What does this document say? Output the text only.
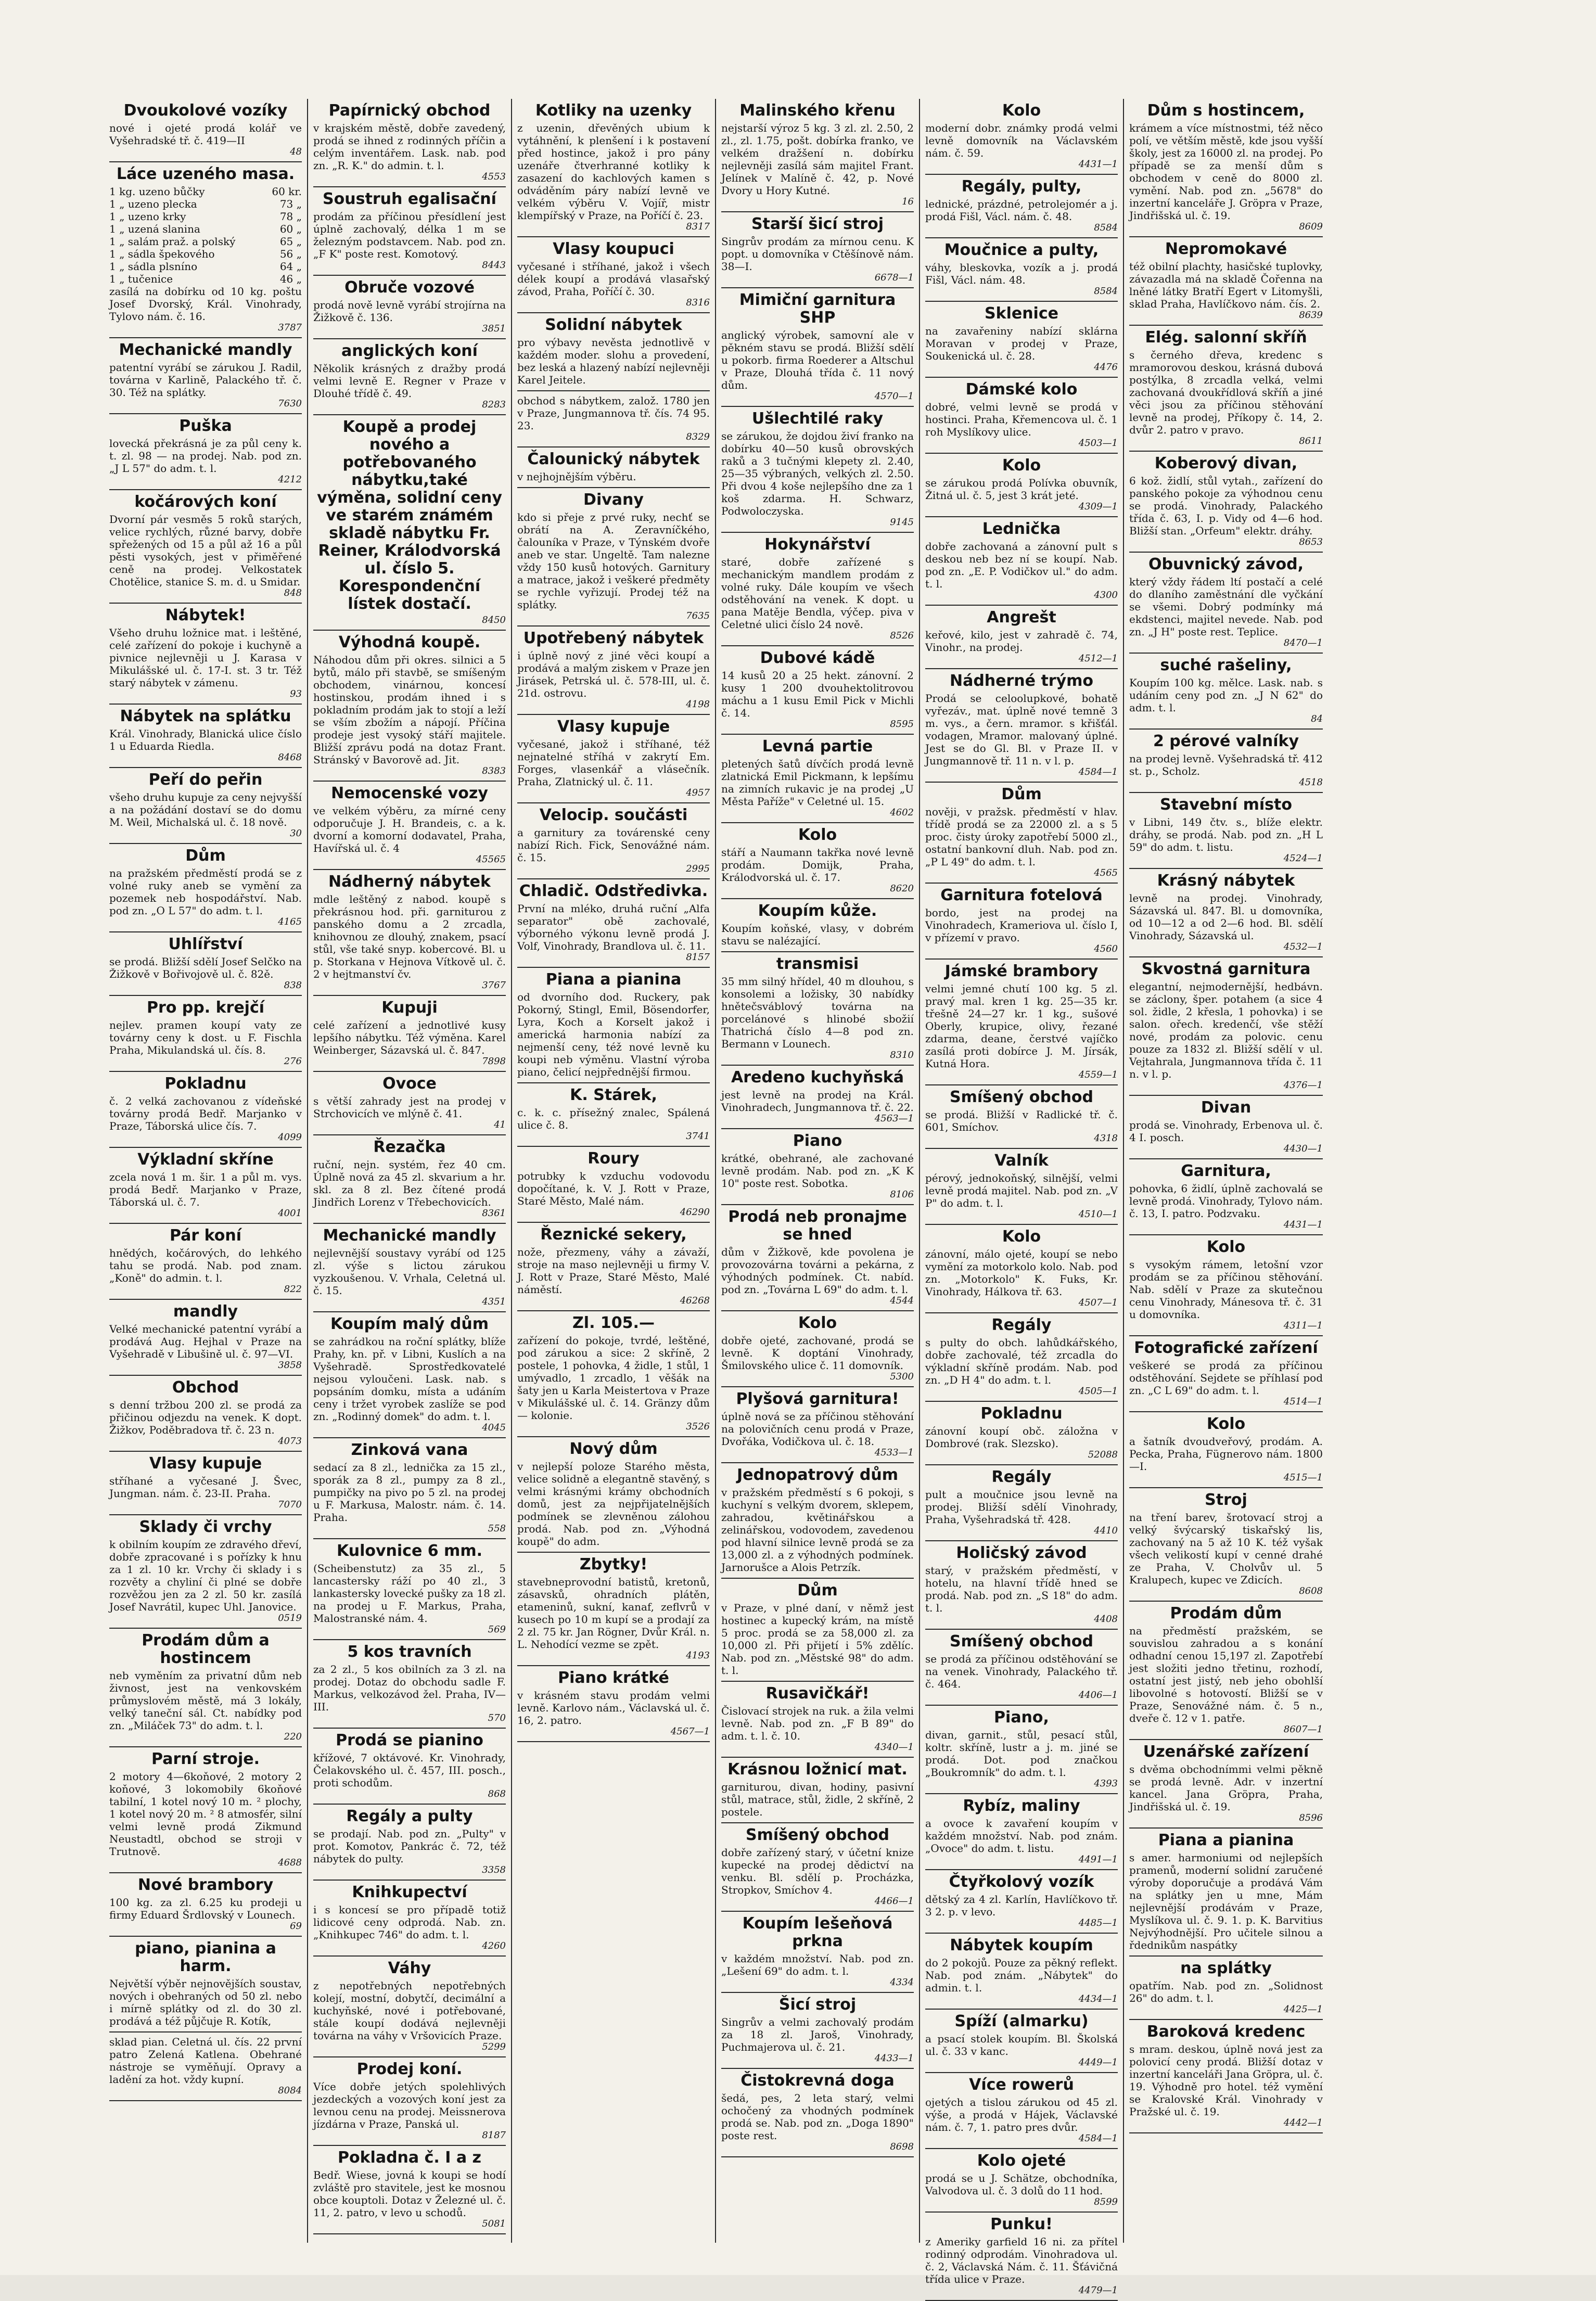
Dvoukolové vozíky

nové i ojeté prodá kolář ve Vyšehradské tř. č. 419—II

48
Láce uzeného masa.
1 kg. uzeno bůčky	60 kr.
1 „ uzeno plecka	73 „
1 „ uzeno krky	78 „
1 „ uzená slanina	60 „
1 „ salám praž. a polský	65 „
1 „ sádla špekového	56 „
1 „ sádla plsníno	64 „
1 „ tučenice	46 „

zasílá na dobírku od 10 kg. poštu Josef Dvorský, Král. Vinohrady, Tylovo nám. č. 16.

3787
Mechanické mandly

patentní vyrábí se zárukou J. Radil, továrna v Karlině, Palackého tř. č. 30. Též na splátky.

7630
Puška

lovecká překrásná je za půl ceny k. t. zl. 98 — na prodej. Nab. pod zn. „J L 57" do adm. t. l.

4212
kočárových koní

Dvorní pár vesměs 5 roků starých, velice rychlých, různé barvy, dobře spřežených od 15 a půl až 16 a půl pěsti vysokých, jest v přiměřené ceně na prodej. Velkostatek Chotělice, stanice S. m. d. u Smidar.

848
Nábytek!

Všeho druhu ložnice mat. i leštěné, celé zařízení do pokoje i kuchyně a pivnice nejlevněji u J. Karasa v Mikulášské ul. č. 17-I. st. 3 tr. Též starý nábytek v zámenu.

93
Nábytek na splátku

Král. Vinohrady, Blanická ulice číslo 1 u Eduarda Riedla.

8468
Peří do peřin

všeho druhu kupuje za ceny nejvyšší a na požádání dostaví se do domu M. Weil, Michalská ul. č. 18 nově.

30
Dům

na pražském předměstí prodá se z volné ruky aneb se vymění za pozemek neb hospodářství. Nab. pod zn. „O L 57" do adm. t. l.

4165
Uhlířství

se prodá. Bližší sdělí Josef Selčko na Žižkově v Bořivojově ul. č. 82ě.

838
Pro pp. krejčí

nejlev. pramen koupí vaty ze továrny ceny k dost. u F. Fischla Praha, Mikulandská ul. čís. 8.

276
Pokladnu

č. 2 velká zachovanou z vídeňské továrny prodá Bedř. Marjanko v Praze, Táborská ulice čís. 7.

4099
Výkladní skříne

zcela nová 1 m. šir. 1 a půl m. vys. prodá Bedř. Marjanko v Praze, Táborská ul. č. 7.

4001
Pár koní

hnědých, kočárových, do lehkého tahu se prodá. Nab. pod znam. „Koně" do admin. t. l.

822
mandly

Velké mechanické patentní vyrábí a prodává Aug. Hejhal v Praze na Vyšehradě v Libušině ul. č. 97—VI.

3858
Obchod

s denní tržbou 200 zl. se prodá za přičinou odjezdu na venek. K dopt. Žižkov, Poděbradova tř. č. 23 n.

4073
Vlasy kupuje

stříhané a vyčesané J. Švec, Jungman. nám. č. 23-II. Praha.

7070
Sklady či vrchy

k obilním koupím ze zdravého dřeví, dobře zpracované i s pořízky k hnu za 1 zl. 10 kr. Vrchy či sklady i s rozvěty a chyliní či plné se dobře rozvěžou jen za 2 zl. 50 kr. zasílá Josef Navrátil, kupec Uhl. Janovice.

0519
Prodám dům a hostincem

neb vyměním za privatní dům neb živnost, jest na venkovském průmyslovém městě, má 3 lokály, velký taneční sál. Ct. nabídky pod zn. „Miláček 73" do adm. t. l.

220
Parní stroje.

2 motory 4—6koňové, 2 motory 2 koňové, 3 lokomobily 6koňové tabilní, 1 kotel nový 10 m. ² plochy, 1 kotel nový 20 m. ² 8 atmosfér, silní velmi levně prodá Zikmund Neustadtl, obchod se stroji v Trutnově.

4688
Nové brambory

100 kg. za zl. 6.25 ku prodeji u firmy Eduard Šrdlovský v Lounech.

69
piano, pianina a harm.

Největší výběr nejnovějších soustav, nových i obehraných od 50 zl. nebo i mírně splátky od zl. do 30 zl. prodává a též půjčuje R. Kotík,

sklad pian. Celetná ul. čís. 22 první patro Zelená Katlena. Obehrané nástroje se vyměňují. Opravy a ladění za hot. vždy kupní.

8084
Papírnický obchod

v krajském městě, dobře zavedený, prodá se ihned z rodinných příčin a celým inventářem. Lask. nab. pod zn. „R. K." do admin. t. l.

4553
Soustruh egalisační

prodám za příčinou přesídlení jest úplně zachovalý, délka 1 m se železným podstavcem. Nab. pod zn. „F K" poste rest. Komotový.

8443
Obruče vozové

prodá nově levně vyrábí strojírna na Žižkově č. 136.

3851
anglických koní

Několik krásných z dražby prodá velmi levně E. Regner v Praze v Dlouhé třídě č. 49.

8283
Koupě a prodej nového a potřebovaného nábytku,také výměna, solidní ceny ve starém známém skladě nábytku Fr. Reiner, Králodvorská ul. číslo 5. Korespondenční lístek dostačí.
8450
Výhodná koupě.

Náhodou dům při okres. silnici a 5 bytů, málo při stavbě, se smíšeným obchodem, vinárnou, koncesí hostinskou, prodám ihned i s pokladním prodám jak to stojí a leží se vším zbožím a nápojí. Příčina prodeje jest vysoký stáří majitele. Bližší zprávu podá na dotaz Frant. Stránský v Bavorově ad. Jit.

8383
Nemocenské vozy

ve velkém výběru, za mírné ceny odporučuje J. H. Brandeis, c. a k. dvorní a komorní dodavatel, Praha, Havířská ul. č. 4

45565
Nádherný nábytek

mdle leštěný z nabod. koupě s překrásnou hod. při. garniturou z panského domu a 2 zrcadla, knihovnou ze dlouhý, znakem, psací stůl, vše také snyp. kobercové. Bl. u p. Storkana v Hejnova Vítkově ul. č. 2 v hejtmanství čv.

3767
Kupuji

celé zařízení a jednotlivé kusy lepšího nábytku. Též výměna. Karel Weinberger, Sázavská ul. č. 847.

7898
Ovoce

s větší zahrady jest na prodej v Strchovicích ve mlýně č. 41.

41
Řezačka

ruční, nejn. systém, řez 40 cm. Úplně nová za 45 zl. skvarium a hr. skl. za 8 zl. Bez čítené prodá Jindřich Lorenz v Třebechovicích.

8361
Mechanické mandly

nejlevnější soustavy vyrábí od 125 zl. výše s lictou zárukou vyzkoušenou. V. Vrhala, Celetná ul. č. 15.

4351
Koupím malý dům

se zahrádkou na roční splátky, blíže Prahy, kn. př. v Libni, Kuslích a na Vyšehradě. Sprostředkovatelé nejsou vyloučeni. Lask. nab. s popsáním domku, místa a udáním ceny i tržet vyrobek zaslíže se pod zn. „Rodinný domek" do adm. t. l.

4045
Zinková vana

sedací za 8 zl., lednička za 15 zl., sporák za 8 zl., pumpy za 8 zl., pumpičky na pivo po 5 zl. na prodej u F. Markusa, Malostr. nám. č. 14. Praha.

558
Kulovnice 6 mm.

(Scheibenstutz) za 35 zl., 5 lancastersky ráží po 40 zl., 3 lankastersky lovecké pušky za 18 zl. na prodej u F. Markus, Praha, Malostranské nám. 4.

569
5 kos travních

za 2 zl., 5 kos obilních za 3 zl. na prodej. Dotaz do obchodu sadle F. Markus, velkozávod žel. Praha, IV—III.

570
Prodá se pianino

křížové, 7 oktávové. Kr. Vinohrady, Čelakovského ul. č. 457, III. posch., proti schodům.

868
Regály a pulty

se prodají. Nab. pod zn. „Pulty" v prot. Komotov, Pankrác č. 72, též nábytek do pulty.

3358
Knihkupectví

i s koncesí se pro případě totiž lidicové ceny odprodá. Nab. zn. „Knihkupec 746" do adm. t. l.

4260
Váhy

z nepotřebných nepotřebných kolejí, mostní, dobytčí, decimální a kuchyňské, nové i potřebované, stále koupí dodává nejlevněji továrna na váhy v Vršovicích Praze.

5299
Prodej koní.

Více dobře jetých spolehlivých jezdeckých a vozových koní jest za levnou cenu na prodej. Meissnerova jízdárna v Praze, Panská ul.

8187
Pokladna č. I a z

Bedř. Wiese, jovná k koupi se hodí zvláště pro stavitele, jest ke mosnou obce kouptoli. Dotaz v Železné ul. č. 11, 2. patro, v levo u schodů.

5081
Kotliky na uzenky

z uzenin, dřevěných ubium k vytáhnění, k plenšení i k postavení před hostince, jakož i pro pány uzenáře čtverhranné kotliky k zasazení do kachlových kamen s odváděním páry nabízí levně ve velkém výběru V. Vojíř, mistr klempířský v Praze, na Poříčí č. 23.

8317
Vlasy koupuci

vyčesané i stříhané, jakož i všech délek koupí a prodává vlasařský závod, Praha, Poříčí č. 30.

8316
Solidní nábytek

pro výbavy nevěsta jednotlivě v každém moder. slohu a provedení, bez leská a hlazený nabízí nejlevněji Karel Jeitele.

obchod s nábytkem, založ. 1780 jen v Praze, Jungmannova tř. čís. 74 95. 23.

8329
Čalounický nábytek

v nejhojnějším výběru.

Divany

kdo si přeje z prvé ruky, nechť se obrátí na A. Zeravníčkého, čalouníka v Praze, v Týnském dvoře aneb ve star. Ungeltě. Tam nalezne vždy 150 kusů hotových. Garnitury a matrace, jakož i veškeré předměty se rychle vyřizují. Prodej též na splátky.

7635
Upotřebený nábytek

i úplně nový z jiné věci koupí a prodává a malým ziskem v Praze jen Jirásek, Petrská ul. č. 578-III, ul. č. 21d. ostrovu.

4198
Vlasy kupuje

vyčesané, jakož i stříhané, též nejnatelné stříhá v zakrytí Em. Forges, vlasenkář a vlásečník. Praha, Zlatnický ul. č. 11.

4957
Velocip. součásti

a garnitury za továrenské ceny nabízí Rich. Fick, Senovážné nám. č. 15.

2995
Chladič. Odstředivka.

První na mléko, druhá ruční „Alfa separator" obě zachovalé, výborného výkonu levně prodá J. Volf, Vinohrady, Brandlova ul. č. 11.

8157
Piana a pianina

od dvorního dod. Ruckery, pak Pokorný, Stingl, Emil, Bösendorfer, Lyra, Koch a Korselt jakož i americká harmonia nabízí za nejmenší ceny, též nové levně ku koupi neb výměnu. Vlastní výroba piano, čelicí nejpřednější firmou.

K. Stárek,

c. k. c. přísežný znalec, Spálená ulice č. 8.

3741
Roury

potrubky k vzduchu vodovodu dopočítané, k. V. J. Rott v Praze, Staré Město, Malé nám.

46290
Řeznické sekery,

nože, přezmeny, váhy a závaží, stroje na maso nejlevněji u firmy V. J. Rott v Praze, Staré Město, Malé náměstí.

46268
Zl. 105.—

zařízení do pokoje, tvrdé, leštěné, pod zárukou a sice: 2 skříně, 2 postele, 1 pohovka, 4 židle, 1 stůl, 1 umývadlo, 1 zrcadlo, 1 věšák na šaty jen u Karla Meistertova v Praze v Mikulášské ul. č. 14. Gränzy dům — kolonie.

3526
Nový dům

v nejlepší poloze Starého města, velice solidně a elegantně stavěný, s velmi krásnými krámy obchodních domů, jest za nejpřijatelnějších podmínek se zlevněnou zálohou prodá. Nab. pod zn. „Výhodná koupě" do adm.

Zbytky!

stavebneprovodní batistů, kretonů, zásavsků, ohradních plátěn, etameninů, sukní, kanaf, zeflvrů v kusech po 10 m kupí se a prodají za 2 zl. 75 kr. Jan Rögner, Dvůr Král. n. L. Nehodící vezme se zpět.

4193
Piano krátké

v krásném stavu prodám velmi levně. Karlovo nám., Václavská ul. č. 16, 2. patro.

4567—1
Malinského křenu

nejstarší výroz 5 kg. 3 zl. zl. 2.50, 2 zl., zl. 1.75, pošt. dobírka franko, ve velkém dražšení n. dobírku nejlevněji zasílá sám majitel Frant. Jelínek v Malíně č. 42, p. Nové Dvory u Hory Kutné.

16
Starší šicí stroj

Singrův prodám za mírnou cenu. K popt. u domovníka v Ctěšínově nám. 38—I.

6678—1
Mimiční garnitura SHP

anglický výrobek, samovní ale v pěkném stavu se prodá. Bližší sdělí u pokorb. firma Roederer a Altschul v Praze, Dlouhá třída č. 11 nový dům.

4570—1
Ušlechtilé raky

se zárukou, že dojdou živí franko na dobírku 40—50 kusů obrovských raků a 3 tučnými klepety zl. 2.40, 25—35 výbraných, velkých zl. 2.50. Při dvou 4 koše nejlepšího dne za 1 koš zdarma. H. Schwarz, Podwoloczyska.

9145
Hokynářství

staré, dobře zařízené s mechanickým mandlem prodám z volné ruky. Dále koupím ve všech odstěhování na venek. K dopt. u pana Matěje Bendla, výčep. piva v Celetné ulici číslo 24 nově.

8526
Dubové kádě

14 kusů 20 a 25 hekt. zánovní. 2 kusy 1 200 dvouhektolitrovou máchu a 1 kusu Emil Pick v Michli č. 14.

8595
Levná partie

pletených šatů dívčích prodá levně zlatnická Emil Pickmann, k lepšímu na zimních rukavic je na prodej „U Města Paříže" v Celetné ul. 15.

4602
Kolo

stáří a Naumann takřka nové levně prodám. Domijk, Praha, Králodvorská ul. č. 17.

8620
Koupím kůže.

Koupím koňské, vlasy, v dobrém stavu se nalézající.

transmisi

35 mm silný hřídel, 40 m dlouhou, s konsolemi a ložisky, 30 nabídky hnětečsváblový továrna na porcelánové s hlinobé sbožií Thatrichá číslo 4—8 pod zn. Bermann v Lounech.

8310
Aredeno kuchyňská

jest levně na prodej na Král. Vinohradech, Jungmannova tř. č. 22.

4563—1
Piano

krátké, obehrané, ale zachované levně prodám. Nab. pod zn. „K K 10" poste rest. Sobotka.

8106
Prodá neb pronajme se hned

dům v Žižkově, kde povolena je provozovárna továrni a pekárna, z výhodných podmínek. Ct. nabíd. pod zn. „Továrna L 69" do adm. t. l.

4544
Kolo

dobře ojeté, zachované, prodá se levně. K doptání Vinohrady, Šmilovského ulice č. 11 domovník.

5300
Plyšová garnitura!

úplně nová se za příčinou stěhování na polovičních cenu prodá v Praze, Dvořáka, Vodičkova ul. č. 18.

4533—1
Jednopatrový dům

v pražském předměstí s 6 pokoji, s kuchyní s velkým dvorem, sklepem, zahradou, květinářskou a zelinářskou, vodovodem, zavedenou pod hlavní silnice levně prodá se za 13,000 zl. a z výhodných podmínek. Jarnorušce a Alois Petrzík.

Dům

v Praze, v plné daní, v němž jest hostinec a kupecký krám, na místě 5 proc. prodá se za 58,000 zl. za 10,000 zl. Při přijetí i 5% zdělíc. Nab. pod zn. „Městské 98" do adm. t. l.

Rusavičkář!

Čislovací strojek na ruk. a žila velmi levně. Nab. pod zn. „F B 89" do adm. t. l. č. 10.

4340—1
Krásnou ložnicí mat.

garniturou, divan, hodiny, pasivní stůl, matrace, stůl, židle, 2 skříně, 2 postele.

Smíšený obchod

dobře zařízený starý, v účetní knize kupecké na prodej dědictví na venku. Bl. sdělí p. Procházka, Stropkov, Smíchov 4.

4466—1
Koupím lešeňová prkna

v každém množství. Nab. pod zn. „Lešení 69" do adm. t. l.

4334
Šicí stroj

Singrův a velmi zachovalý prodám za 18 zl. Jaroš, Vinohrady, Puchmajerova ul. č. 21.

4433—1
Čistokrevná doga

šedá, pes, 2 leta starý, velmi ochočený za vhodných podmínek prodá se. Nab. pod zn. „Doga 1890" poste rest.

8698
Kolo

moderní dobr. známky prodá velmi levně domovník na Václavském nám. č. 59.

4431—1
Regály, pulty,

lednické, prázdné, petrolejomér a j. prodá Fišl, Václ. nám. č. 48.

8584
Moučnice a pulty,

váhy, bleskovka, vozík a j. prodá Fišl, Václ. nám. 48.

8584
Sklenice

na zavařeniny nabízí sklárna Moravan v prodej v Praze, Soukenická ul. č. 28.

4476
Dámské kolo

dobré, velmi levně se prodá v hostinci. Praha, Křemencova ul. č. 1 roh Myslíkovy ulice.

4503—1
Kolo

se zárukou prodá Polívka obuvník, Žitná ul. č. 5, jest 3 krát jeté.

4309—1
Lednička

dobře zachovaná a zánovní pult s deskou neb bez ní se koupí. Nab. pod zn. „E. P. Vodičkov ul." do adm. t. l.

4300
Angrešt

keřové, kilo, jest v zahradě č. 74, Vinohr., na prodej.

4512—1
Nádherné trýmo

Prodá se celoolupkové, bohatě vyřezáv., mat. úplně nové temně 3 m. vys., a čern. mramor. s křišťál. vodagen, Mramor. malovaný úplné. Jest se do Gl. Bl. v Praze II. v Jungmannově tř. 11 n. v l. p.

4584—1
Dům

nověji, v pražsk. předměstí v hlav. třídě prodá se za 22000 zl. a s 5 proc. čisty úroky zapotřebí 5000 zl., ostatní bankovní dluh. Nab. pod zn. „P L 49" do adm. t. l.

4565
Garnitura fotelová

bordo, jest na prodej na Vinohradech, Krameriova ul. číslo I, v přízemí v pravo.

4560
Jámské brambory

velmi jemné chutí 100 kg. 5 zl. pravý mal. kren 1 kg. 25—35 kr. třešně 24—27 kr. 1 kg., sušové Oberly, krupice, olivy, řezané zdarma, deane, čerstvé vajíčko zasílá proti dobírce J. M. Jírsák, Kutná Hora.

4559—1
Smíšený obchod

se prodá. Bližší v Radlické tř. č. 601, Smíchov.

4318
Valník

pérový, jednokoňský, silnější, velmi levně prodá majitel. Nab. pod zn. „V P" do adm. t. l.

4510—1
Kolo

zánovní, málo ojeté, koupí se nebo vymění za motorkolo kolo. Nab. pod zn. „Motorkolo" K. Fuks, Kr. Vinohrady, Hálkova tř. 63.

4507—1
Regály

s pulty do obch. lahůdkářského, dobře zachovalé, též zrcadla do výkladní skříně prodám. Nab. pod zn. „D H 4" do adm. t. l.

4505—1
Pokladnu

zánovní koupí obč. záložna v Dombrové (rak. Slezsko).

52088
Regály

pult a moučnice jsou levně na prodej. Bližší sdělí Vinohrady, Praha, Vyšehradská tř. 428.

4410
Holičský závod

starý, v pražském předměstí, v hotelu, na hlavní třídě hned se prodá. Nab. pod zn. „S 18" do adm. t. l.

4408
Smíšený obchod

se prodá za příčinou odstěhování se na venek. Vinohrady, Palackého tř. č. 464.

4406—1
Piano,

divan, garnit., stůl, pesací stůl, koltr. skříně, lustr a j. m. jiné se prodá. Dot. pod značkou „Boukromník" do adm. t. l.

4393
Rybíz, maliny

a ovoce k zavaření koupím v každém množství. Nab. pod znám. „Ovoce" do adm. t. listu.

4491—1
Čtyřkolový vozík

dětský za 4 zl. Karlín, Havlíčkovo tř. 3 2. p. v levo.

4485—1
Nábytek koupím

do 2 pokojů. Pouze za pěkný reflekt. Nab. pod znám. „Nábytek" do admin. t. l.

4434—1
Spíží (almarku)

a psací stolek koupím. Bl. Školská ul. č. 33 v kanc.

4449—1
Více rowerů

ojetých a tislou zárukou od 45 zl. výše, a prodá v Hájek, Václavské nám. č. 7, 1. patro pres dvůr.

4584—1
Kolo ojeté

prodá se u J. Schätze, obchodníka, Valvodova ul. č. 3 dolů do 11 hod.

8599
Punku!

z Ameriky garfield 16 ni. za přítel rodinný odprodám. Vinohradova ul. č. 2, Václavská Nám. č. 11. Šťávičná třída ulice v Praze.

4479—1
Dům s hostincem,

krámem a více místnostmi, též něco polí, ve větším městě, kde jsou vyšší školy, jest za 16000 zl. na prodej. Po případě se za menší dům s obchodem v ceně do 8000 zl. vymění. Nab. pod zn. „5678" do inzertní kanceláře J. Gröpra v Praze, Jindřišská ul. č. 19.

8609
Nepromokavé

též obilní plachty, hasičské tuplovky, závazadla má na skladě Čořenna na lněné látky Bratří Egert v Litomyšli, sklad Praha, Havlíčkovo nám. čís. 2.

8639
Elég. salonní skříň

s černého dřeva, kredenc s mramorovou deskou, krásná dubová postýlka, 8 zrcadla velká, velmi zachovaná dvoukřídlová skříň a jiné věci jsou za příčinou stěhování levně na prodej, Příkopy č. 14, 2. dvůr 2. patro v pravo.

8611
Koberový divan,

6 kož. židlí, stůl vytah., zařízení do panského pokoje za výhodnou cenu se prodá. Vinohrady, Palackého třída č. 63, I. p. Vidy od 4—6 hod. Bližší stan. „Orfeum" elektr. dráhy.

8653
Obuvnický závod,

který vždy řádem ltí postačí a celé do dlaního zaměstnání dle vyčkání se všemi. Dobrý podmínky má ekdstenci, majitel nevede. Nab. pod zn. „J H" poste rest. Teplice.

8470—1
suché rašeliny,

Koupím 100 kg. mělce. Lask. nab. s udáním ceny pod zn. „J N 62" do adm. t. l.

84
2 pérové valníky

na prodej levně. Vyšehradská tř. 412 st. p., Scholz.

4518
Stavební místo

v Libni, 149 čtv. s., blíže elektr. dráhy, se prodá. Nab. pod zn. „H L 59" do adm. t. listu.

4524—1
Krásný nábytek

levně na prodej. Vinohrady, Sázavská ul. 847. Bl. u domovníka, od 10—12 a od 2—6 hod. Bl. sdělí Vinohrady, Sázavská ul.

4532—1
Skvostná garnitura

elegantní, nejmodernější, hedbávn. se záclony, šper. potahem (a sice 4 sol. židle, 2 křesla, 1 pohovka) i se salon. ořech. kredenčí, vše stěží nové, prodám za polovic. cenu pouze za 1832 zl. Bližší sdělí v ul. Vejtahrala, Jungmannova třída č. 11 n. v l. p.

4376—1
Divan

prodá se. Vinohrady, Erbenova ul. č. 4 I. posch.

4430—1
Garnitura,

pohovka, 6 židlí, úplně zachovalá se levně prodá. Vinohrady, Tylovo nám. č. 13, I. patro. Podzvaku.

4431—1
Kolo

s vysokým rámem, letošní vzor prodám se za příčinou stěhování. Nab. sdělí v Praze za skutečnou cenu Vinohrady, Mánesova tř. č. 31 u domovníka.

4311—1
Fotografické zařízení

veškeré se prodá za příčinou odstěhování. Sejdete se příhlasí pod zn. „C L 69" do adm. t. l.

4514—1
Kolo

a šatník dvoudveřový, prodám. A. Pecka, Praha, Fügnerovo nám. 1800—I.

4515—1
Stroj

na tření barev, šrotovací stroj a velký švýcarský tiskařský lis, zachovaný na 5 až 10 K. též vyšak všech velikostí kupí v cenné drahé ze Praha, V. Cholvův ul. 5 Kralupech, kupec ve Zdicích.

8608
Prodám dům

na předměstí pražském, se souvislou zahradou a s konání odhadní cenou 15,197 zl. Zapotřebí jest složiti jedno třetinu, rozhodí, ostatní jest jistý, neb jeho obohlší libovolné s hotovostí. Bližší se v Praze, Senovážné nám. č. 5 n., dveře č. 12 v 1. patře.

8607—1
Uzenářské zařízení

s dvěma obchodnímmi velmi pěkně se prodá levně. Adr. v inzertní kancel. Jana Gröpra, Praha, Jindřišská ul. č. 19.

8596
Piana a pianina

s amer. harmoniumi od nejlepších pramenů, moderní solidní zaručené výroby doporučuje a prodává Vám na splátky jen u mne, Mám nejlevnější prodávám v Praze, Myslíkova ul. č. 9. 1. p. K. Barvitius Nejvýhodnější. Pro učitele silnou a řdednikům naspátky

na splátky

opatřím. Nab. pod zn. „Solidnost 26" do adm. t. l.

4425—1
Baroková kredenc

s mram. deskou, úplně nová jest za polovicí ceny prodá. Bližší dotaz v inzertní kanceláři Jana Gröpra, ul. č. 19. Výhodně pro hotel. též vymění se Kralovské Král. Vinohrady v Pražské ul. č. 19.

4442—1
